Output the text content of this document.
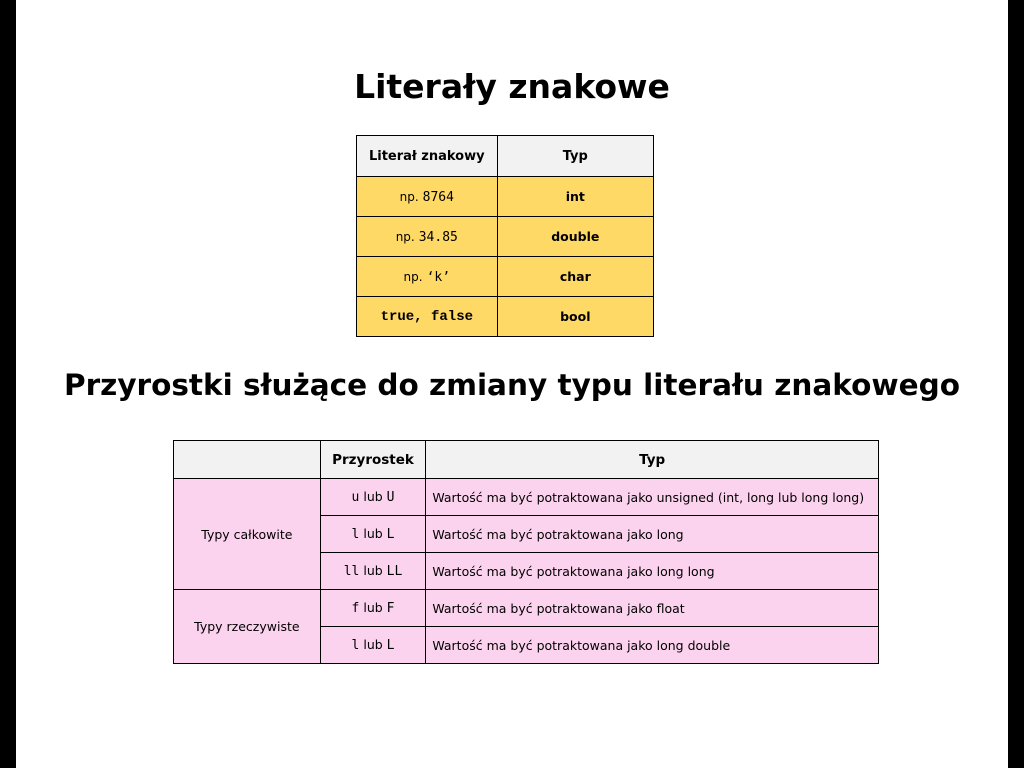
Literały znakowe
Literał znakowy	Typ
np. 8764	int
np. 34.85	double
np. ‘k’	char
true, false	bool
Przyrostki służące do zmiany typu literału znakowego
	Przyrostek	Typ
Typy całkowite	u lub U	Wartość ma być potraktowana jako unsigned (int, long lub long long)
	l lub L	Wartość ma być potraktowana jako long
	ll lub LL	Wartość ma być potraktowana jako long long
Typy rzeczywiste	f lub F	Wartość ma być potraktowana jako float
	l lub L	Wartość ma być potraktowana jako long double
